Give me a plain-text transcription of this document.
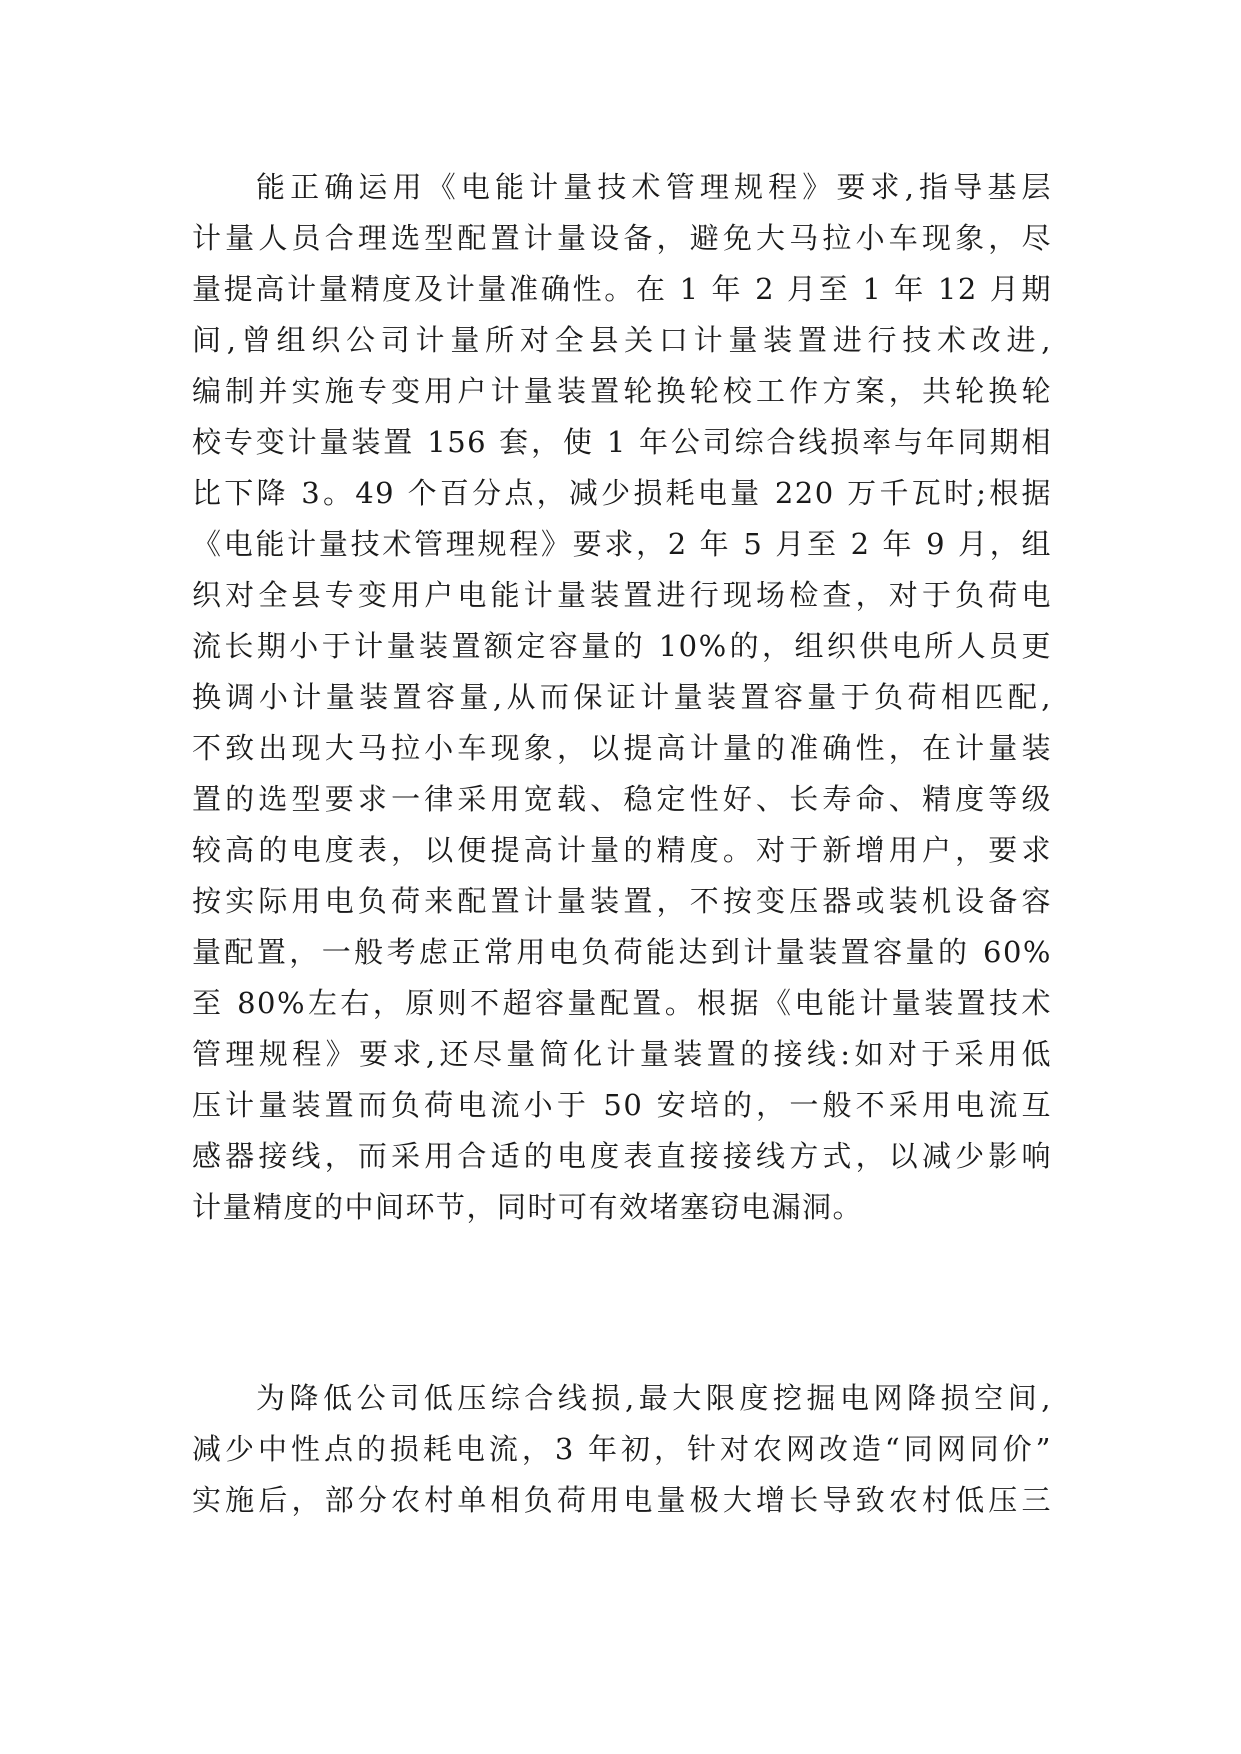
能正确运用《电能计量技术管理规程》要求,指导基层
计量人员合理选型配置计量设备，避免大马拉小车现象，尽
量提高计量精度及计量准确性。在 1 年 2 月至 1 年 12 月期
间,曾组织公司计量所对全县关口计量装置进行技术改进,
编制并实施专变用户计量装置轮换轮校工作方案，共轮换轮
校专变计量装置 156 套，使 1 年公司综合线损率与年同期相
比下降 3。49 个百分点，减少损耗电量 220 万千瓦时;根据
《电能计量技术管理规程》要求，2 年 5 月至 2 年 9 月，组
织对全县专变用户电能计量装置进行现场检查，对于负荷电
流长期小于计量装置额定容量的 10%的，组织供电所人员更
换调小计量装置容量,从而保证计量装置容量于负荷相匹配,
不致出现大马拉小车现象，以提高计量的准确性，在计量装
置的选型要求一律采用宽载、稳定性好、长寿命、精度等级
较高的电度表，以便提高计量的精度。对于新增用户，要求
按实际用电负荷来配置计量装置，不按变压器或装机设备容
量配置，一般考虑正常用电负荷能达到计量装置容量的 60%
至 80%左右，原则不超容量配置。根据《电能计量装置技术
管理规程》要求,还尽量简化计量装置的接线:如对于采用低
压计量装置而负荷电流小于 50 安培的，一般不采用电流互
感器接线，而采用合适的电度表直接接线方式，以减少影响
计量精度的中间环节，同时可有效堵塞窃电漏洞。
为降低公司低压综合线损,最大限度挖掘电网降损空间,
减少中性点的损耗电流，3 年初，针对农网改造“同网同价”
实施后，部分农村单相负荷用电量极大增长导致农村低压三
